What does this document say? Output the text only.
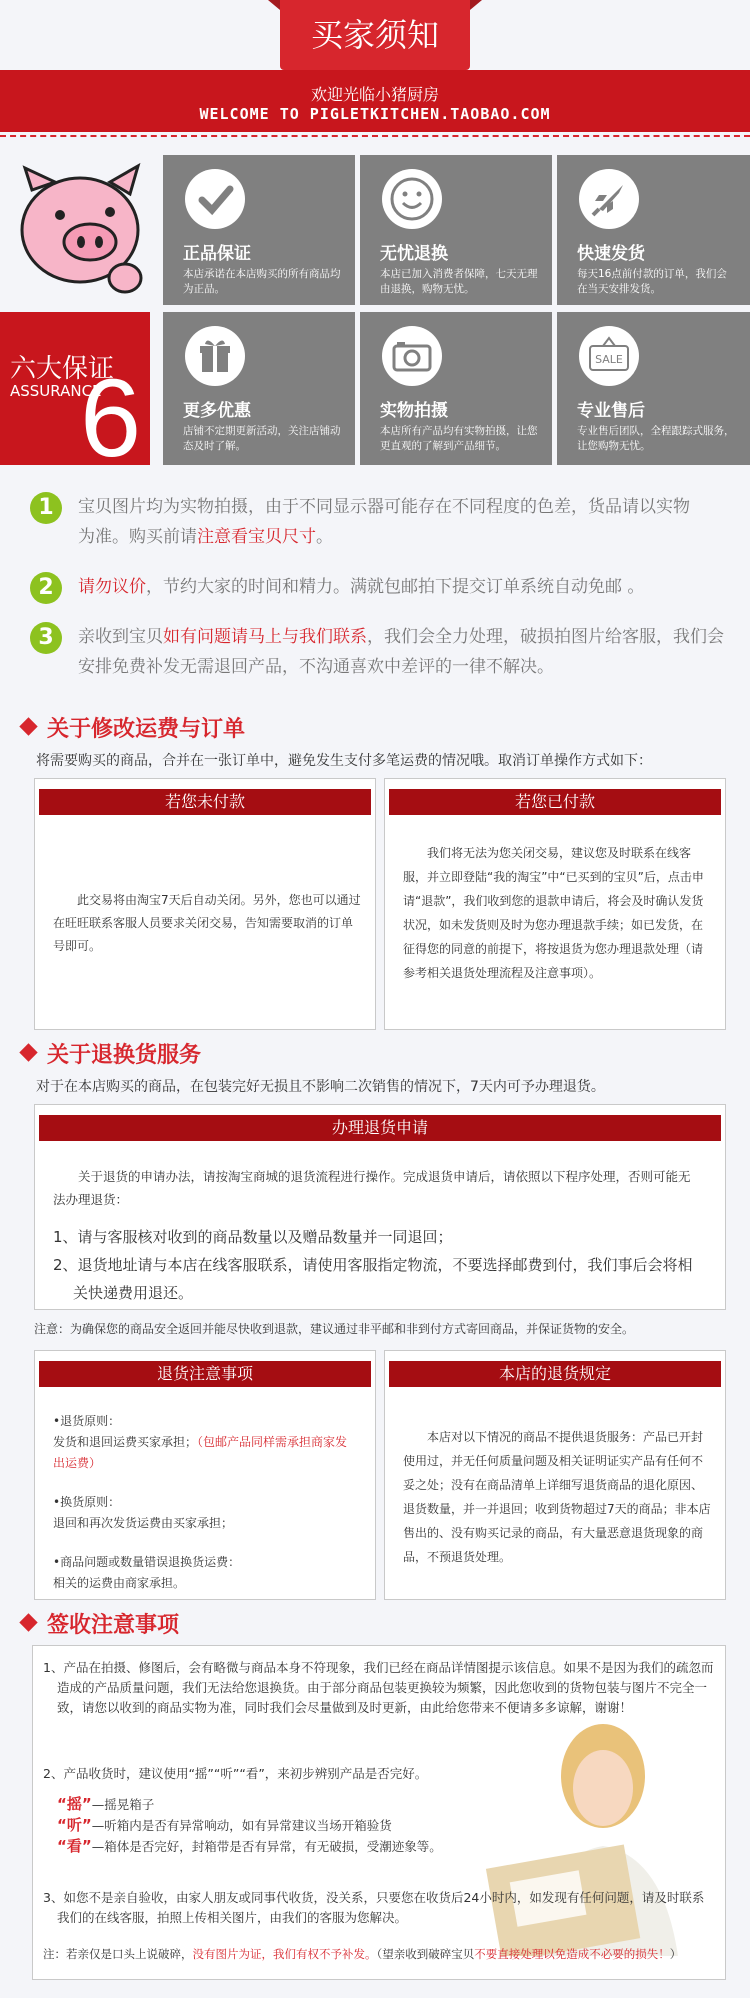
买家须知
欢迎光临小猪厨房
WELCOME TO PIGLETKITCHEN.TAOBAO.COM
六大保证
ASSURANCE
6
正品保证
本店承诺在本店购买的所有商品均为正品。
无忧退换
本店已加入消费者保障，七天无理由退换，购物无忧。
快速发货
每天16点前付款的订单，我们会在当天安排发货。
更多优惠
店铺不定期更新活动，关注店铺动态及时了解。
实物拍摄
本店所有产品均有实物拍摄，让您更直观的了解到产品细节。
SALE
专业售后
专业售后团队，全程跟踪式服务，让您购物无忧。
1	宝贝图片均为实物拍摄，由于不同显示器可能存在不同程度的色差，货品请以实物为准。购买前请注意看宝贝尺寸。
2	请勿议价，节约大家的时间和精力。满就包邮拍下提交订单系统自动免邮 。
3	亲收到宝贝如有问题请马上与我们联系，我们会全力处理，破损拍图片给客服，我们会安排免费补发无需退回产品，不沟通喜欢中差评的一律不解决。
关于修改运费与订单
将需要购买的商品，合并在一张订单中，避免发生支付多笔运费的情况哦。取消订单操作方式如下：
若您未付款
此交易将由淘宝7天后自动关闭。另外，您也可以通过在旺旺联系客服人员要求关闭交易，告知需要取消的订单号即可。
若您已付款
我们将无法为您关闭交易，建议您及时联系在线客服，并立即登陆“我的淘宝”中“已买到的宝贝”后，点击申请“退款”，我们收到您的退款申请后，将会及时确认发货状况，如未发货则及时为您办理退款手续；如已发货，在征得您的同意的前提下，将按退货为您办理退款处理（请参考相关退货处理流程及注意事项）。
关于退换货服务
对于在本店购买的商品，在包装完好无损且不影响二次销售的情况下，7天内可予办理退货。
办理退货申请
关于退货的申请办法，请按淘宝商城的退货流程进行操作。完成退货申请后，请依照以下程序处理，否则可能无法办理退货：
1、请与客服核对收到的商品数量以及赠品数量并一同退回；
2、退货地址请与本店在线客服联系，请使用客服指定物流，不要选择邮费到付，我们事后会将相关快递费用退还。
注意：为确保您的商品安全返回并能尽快收到退款，建议通过非平邮和非到付方式寄回商品，并保证货物的安全。
退货注意事项
•退货原则：
发货和退回运费买家承担；（包邮产品同样需承担商家发出运费）
•换货原则：
退回和再次发货运费由买家承担；
•商品问题或数量错误退换货运费：
相关的运费由商家承担。
本店的退货规定
本店对以下情况的商品不提供退货服务：产品已开封使用过，并无任何质量问题及相关证明证实产品有任何不妥之处；没有在商品清单上详细写退货商品的退化原因、退货数量，并一并退回；收到货物超过7天的商品；非本店售出的、没有购买记录的商品，有大量恶意退货现象的商品，不预退货处理。
签收注意事项
1、产品在拍摄、修图后，会有略微与商品本身不符现象，我们已经在商品详情图提示该信息。如果不是因为我们的疏忽而造成的产品质量问题，我们无法给您退换货。由于部分商品包装更换较为频繁，因此您收到的货物包装与图片不完全一致，请您以收到的商品实物为准，同时我们会尽量做到及时更新，由此给您带来不便请多多谅解，谢谢！
2、产品收货时，建议使用“摇”“听”“看”，来初步辨别产品是否完好。
“摇”—摇晃箱子
“听”—听箱内是否有异常响动，如有异常建议当场开箱验货
“看”—箱体是否完好，封箱带是否有异常，有无破损，受潮迹象等。
3、如您不是亲自验收，由家人朋友或同事代收货，没关系，只要您在收货后24小时内，如发现有任何问题，请及时联系我们的在线客服，拍照上传相关图片，由我们的客服为您解决。
注：若亲仅是口头上说破碎，没有图片为证，我们有权不予补发。（望亲收到破碎宝贝不要直接处理以免造成不必要的损失！）
